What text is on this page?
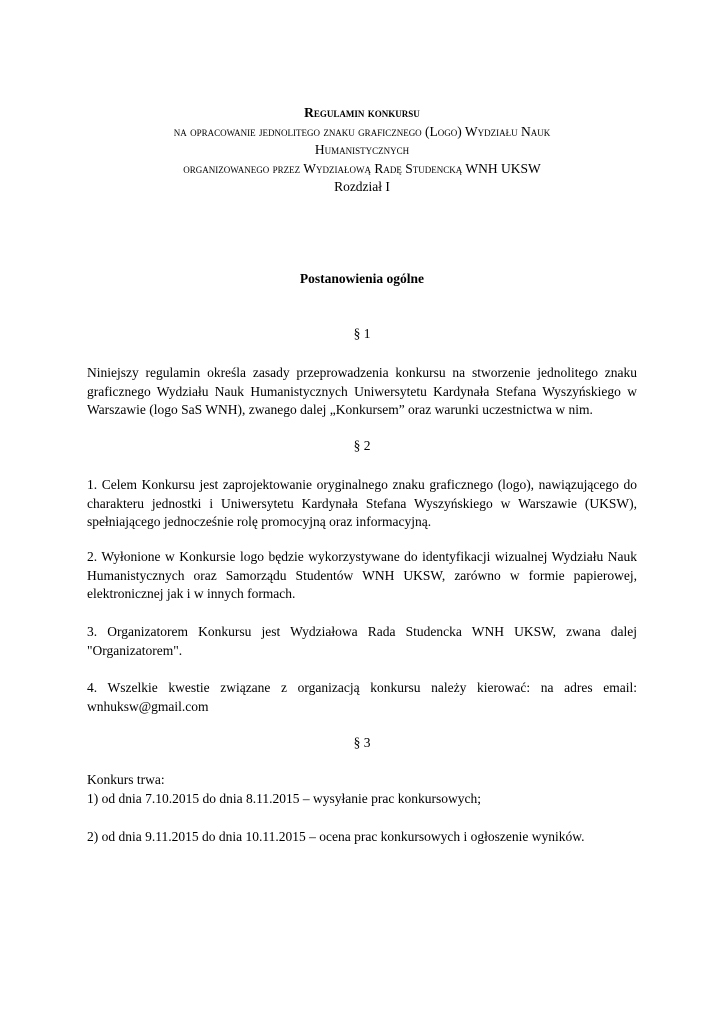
Regulamin konkursu
na opracowanie jednolitego znaku graficznego (Logo) Wydziału Nauk
Humanistycznych
organizowanego przez Wydziałową Radę Studencką WNH UKSW
Rozdział I
Postanowienia ogólne
§ 1
Niniejszy regulamin określa zasady przeprowadzenia konkursu na stworzenie jednolitego znaku graficznego Wydziału Nauk Humanistycznych Uniwersytetu Kardynała Stefana Wyszyńskiego w Warszawie (logo SaS WNH), zwanego dalej „Konkursem” oraz warunki uczestnictwa w nim.
§ 2
1. Celem Konkursu jest zaprojektowanie oryginalnego znaku graficznego (logo), nawiązującego do charakteru jednostki i Uniwersytetu Kardynała Stefana Wyszyńskiego w Warszawie (UKSW), spełniającego jednocześnie rolę promocyjną oraz informacyjną.
2. Wyłonione w Konkursie logo będzie wykorzystywane do identyfikacji wizualnej Wydziału Nauk Humanistycznych oraz Samorządu Studentów WNH UKSW, zarówno w formie papierowej, elektronicznej jak i w innych formach.
3. Organizatorem Konkursu jest Wydziałowa Rada Studencka WNH UKSW, zwana dalej "Organizatorem".
4. Wszelkie kwestie związane z organizacją konkursu należy kierować: na adres email: wnhuksw@gmail.com
§ 3
Konkurs trwa:
1) od dnia 7.10.2015 do dnia 8.11.2015 – wysyłanie prac konkursowych;
2) od dnia 9.11.2015 do dnia 10.11.2015 – ocena prac konkursowych i ogłoszenie wyników.
